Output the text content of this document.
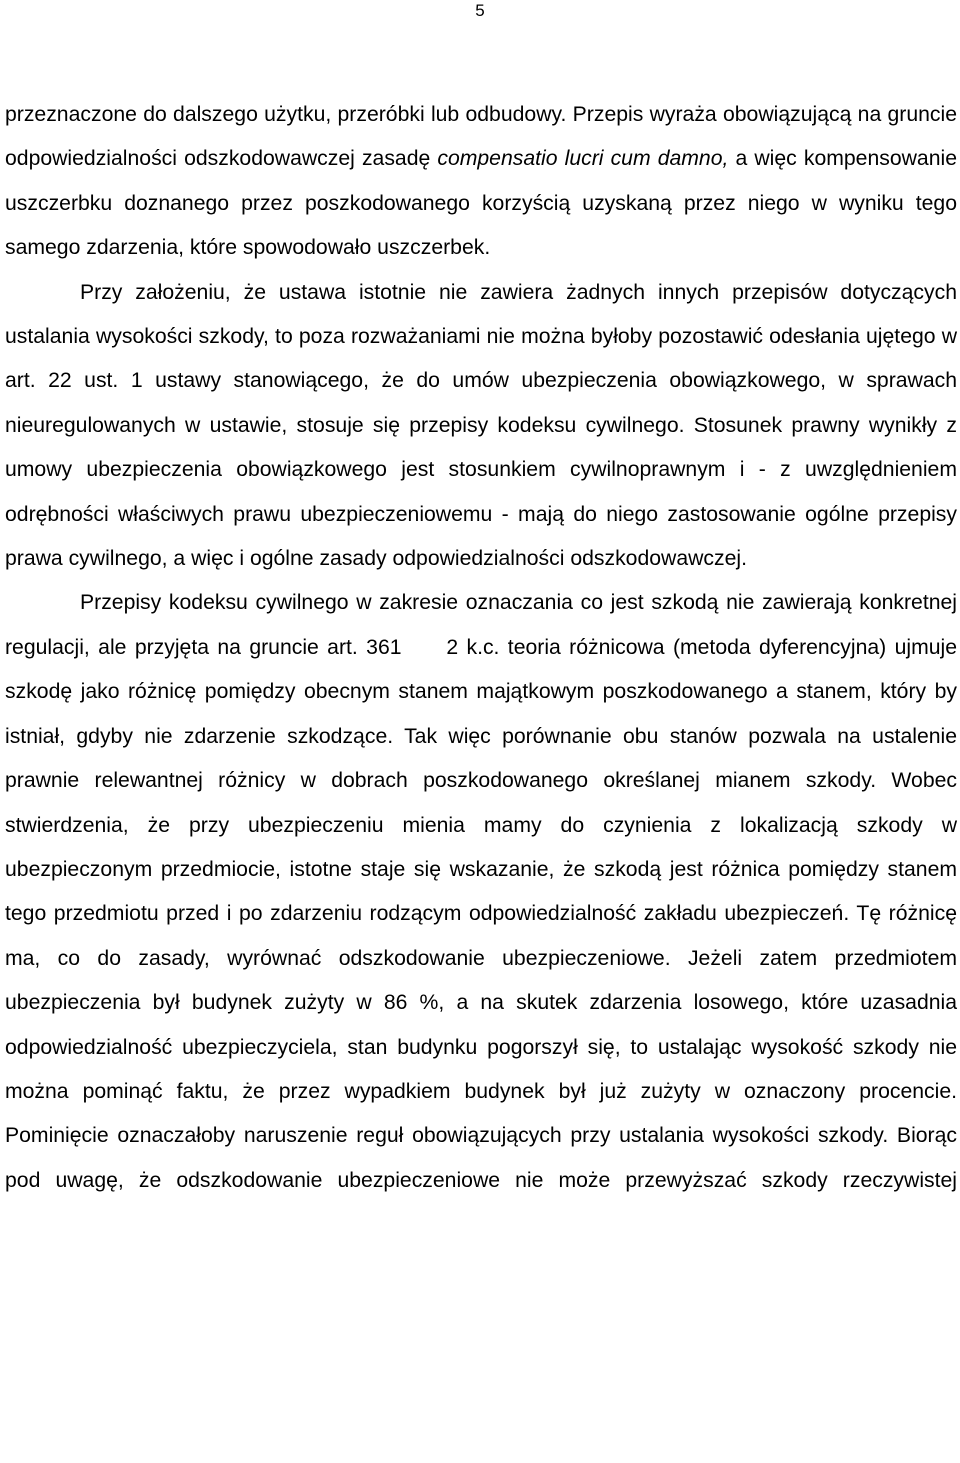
5

przeznaczone do dalszego użytku, przeróbki lub odbudowy. Przepis wyraża obowiązującą na gruncie odpowiedzialności odszkodowawczej zasadę compensatio lucri cum damno, a więc kompensowanie uszczerbku doznanego przez poszkodowanego korzyścią uzyskaną przez niego w wyniku tego samego zdarzenia, które spowodowało uszczerbek.

Przy założeniu, że ustawa istotnie nie zawiera żadnych innych przepisów dotyczących ustalania wysokości szkody, to poza rozważaniami nie można byłoby pozostawić odesłania ujętego w art. 22 ust. 1 ustawy stanowiącego, że do umów ubezpieczenia obowiązkowego, w sprawach nieuregulowanych w ustawie, stosuje się przepisy kodeksu cywilnego. Stosunek prawny wynikły z umowy ubezpieczenia obowiązkowego jest stosunkiem cywilnoprawnym i - z uwzględnieniem odrębności właściwych prawu ubezpieczeniowemu - mają do niego zastosowanie ogólne przepisy prawa cywilnego, a więc i ogólne zasady odpowiedzialności odszkodowawczej.

Przepisy kodeksu cywilnego w zakresie oznaczania co jest szkodą nie zawierają konkretnej regulacji, ale przyjęta na gruncie art. 361 2 k.c. teoria różnicowa (metoda dyferencyjna) ujmuje szkodę jako różnicę pomiędzy obecnym stanem majątkowym poszkodowanego a stanem, który by istniał, gdyby nie zdarzenie szkodzące. Tak więc porównanie obu stanów pozwala na ustalenie prawnie relewantnej różnicy w dobrach poszkodowanego określanej mianem szkody. Wobec stwierdzenia, że przy ubezpieczeniu mienia mamy do czynienia z lokalizacją szkody w ubezpieczonym przedmiocie, istotne staje się wskazanie, że szkodą jest różnica pomiędzy stanem tego przedmiotu przed i po zdarzeniu rodzącym odpowiedzialność zakładu ubezpieczeń. Tę różnicę ma, co do zasady, wyrównać odszkodowanie ubezpieczeniowe. Jeżeli zatem przedmiotem ubezpieczenia był budynek zużyty w 86 %, a na skutek zdarzenia losowego, które uzasadnia odpowiedzialność ubezpieczyciela, stan budynku pogorszył się, to ustalając wysokość szkody nie można pominąć faktu, że przez wypadkiem budynek był już zużyty w oznaczony procencie. Pominięcie oznaczałoby naruszenie reguł obowiązujących przy ustalania wysokości szkody. Biorąc pod uwagę, że odszkodowanie ubezpieczeniowe nie może przewyższać szkody rzeczywistej
